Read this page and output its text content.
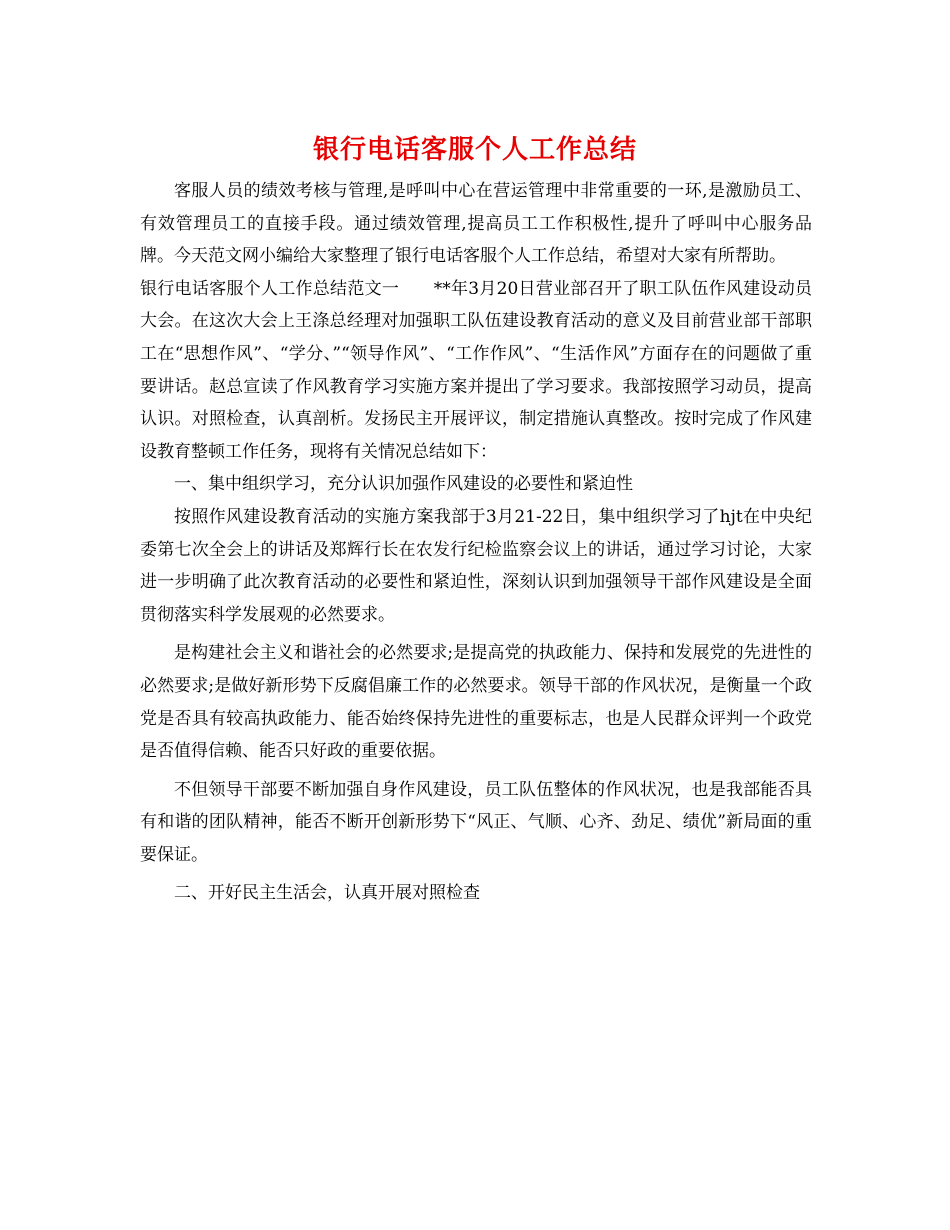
银行电话客服个人工作总结

客服人员的绩效考核与管理,是呼叫中心在营运管理中非常重要的一环,是激励员工、有效管理员工的直接手段。通过绩效管理,提高员工工作积极性,提升了呼叫中心服务品牌。今天范文网小编给大家整理了银行电话客服个人工作总结，希望对大家有所帮助。

银行电话客服个人工作总结范文一　　**年3月20日营业部召开了职工队伍作风建设动员大会。在这次大会上王涤总经理对加强职工队伍建设教育活动的意义及目前营业部干部职工在“思想作风”、“学分、”“领导作风”、“工作作风”、“生活作风”方面存在的问题做了重要讲话。赵总宣读了作风教育学习实施方案并提出了学习要求。我部按照学习动员，提高认识。对照检查，认真剖析。发扬民主开展评议，制定措施认真整改。按时完成了作风建设教育整顿工作任务，现将有关情况总结如下：

一、集中组织学习，充分认识加强作风建设的必要性和紧迫性

按照作风建设教育活动的实施方案我部于3月21-22日，集中组织学习了hjt在中央纪委第七次全会上的讲话及郑辉行长在农发行纪检监察会议上的讲话，通过学习讨论，大家进一步明确了此次教育活动的必要性和紧迫性，深刻认识到加强领导干部作风建设是全面贯彻落实科学发展观的必然要求。

是构建社会主义和谐社会的必然要求;是提高党的执政能力、保持和发展党的先进性的必然要求;是做好新形势下反腐倡廉工作的必然要求。领导干部的作风状况，是衡量一个政党是否具有较高执政能力、能否始终保持先进性的重要标志，也是人民群众评判一个政党是否值得信赖、能否只好政的重要依据。

不但领导干部要不断加强自身作风建设，员工队伍整体的作风状况，也是我部能否具有和谐的团队精神，能否不断开创新形势下“风正、气顺、心齐、劲足、绩优”新局面的重要保证。

二、开好民主生活会，认真开展对照检查
